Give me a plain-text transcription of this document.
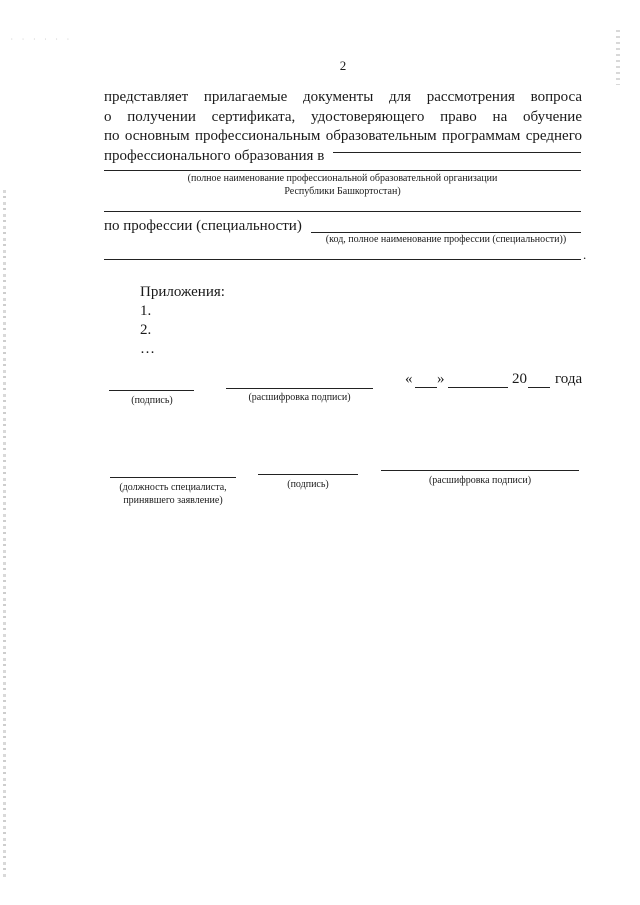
· · · · · ·
2
представляет прилагаемые документы для рассмотрения вопроса
о получении сертификата, удостоверяющего право на обучение
по основным профессиональным образовательным программам среднего
профессионального образования в
(полное наименование профессиональной образовательной организации
Республики Башкортостан)
по профессии (специальности)
(код, полное наименование профессии (специальности))
.
Приложения:
1.
2.
…
(подпись)	(расшифровка подписи)
« »	20 года
(должность специалиста,
принявшего заявление)
(подпись)	(расшифровка подписи)
